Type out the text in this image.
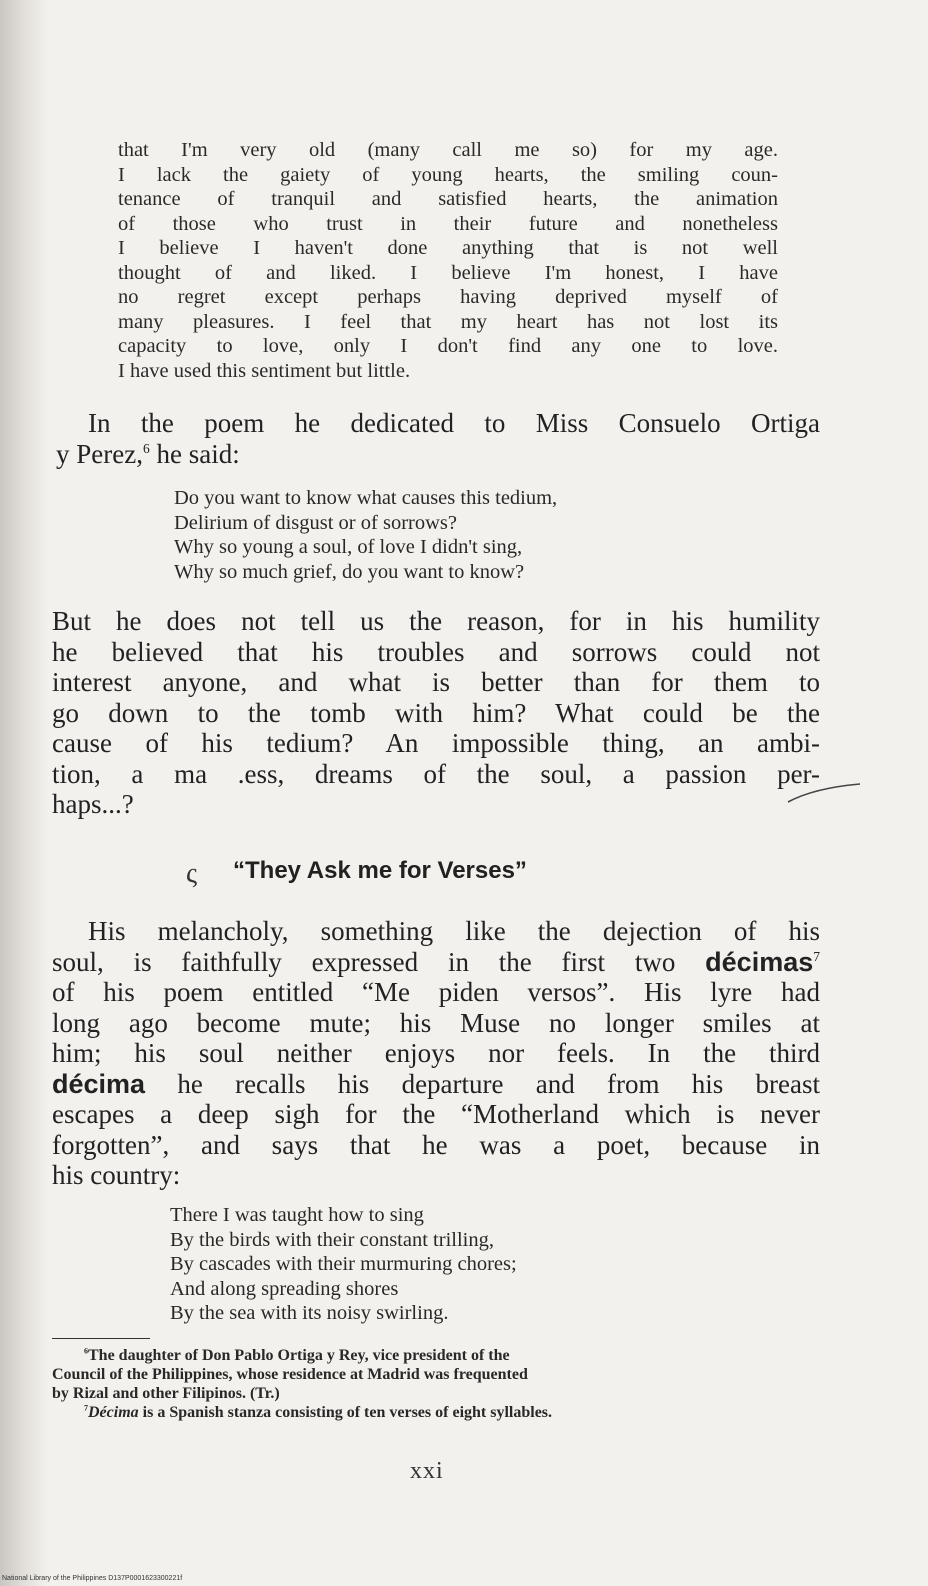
that I'm very old (many call me so) for my age.
I lack the gaiety of young hearts, the smiling coun-
tenance of tranquil and satisfied hearts, the animation
of those who trust in their future and nonetheless
I believe I haven't done anything that is not well
thought of and liked. I believe I'm honest, I have
no regret except perhaps having deprived myself of
many pleasures. I feel that my heart has not lost its
capacity to love, only I don't find any one to love.
I have used this sentiment but little.
In the poem he dedicated to Miss Consuelo Ortiga
y Perez,$^6$ he said:
Do you want to know what causes this tedium,
Delirium of disgust or of sorrows?
Why so young a soul, of love I didn't sing,
Why so much grief, do you want to know?
But he does not tell us the reason, for in his humility
he believed that his troubles and sorrows could not
interest anyone, and what is better than for them to
go down to the tomb with him? What could be the
cause of his tedium? An impossible thing, an ambi-
tion, a ma .ess, dreams of the soul, a passion per-
haps...?
ς “They Ask me for Verses”
His melancholy, something like the dejection of his
soul, is faithfully expressed in the first two décimas$^7$
of his poem entitled “Me piden versos”. His lyre had
long ago become mute; his Muse no longer smiles at
him; his soul neither enjoys nor feels. In the third
décima he recalls his departure and from his breast
escapes a deep sigh for the “Motherland which is never
forgotten”, and says that he was a poet, because in
his country:
There I was taught how to sing
By the birds with their constant trilling,
By cascades with their murmuring chores;
And along spreading shores
By the sea with its noisy swirling.
$^6$The daughter of Don Pablo Ortiga y Rey, vice president of the
Council of the Philippines, whose residence at Madrid was frequented
by Rizal and other Filipinos. (Tr.)
$^7$Décima is a Spanish stanza consisting of ten verses of eight syllables.
xxi
National Library of the Philippines D137P0001623300221f
